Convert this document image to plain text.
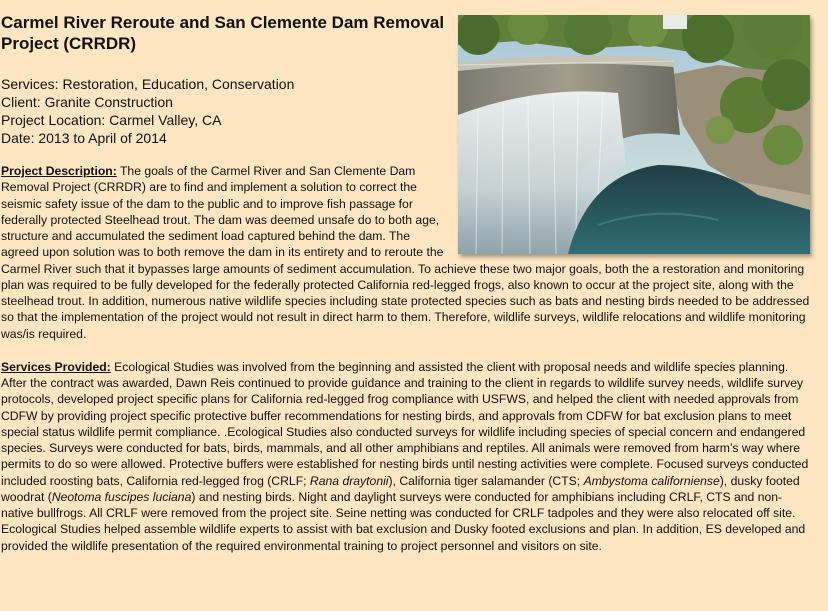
Carmel River Reroute and San Clemente Dam Removal Project (CRRDR)
Services: Restoration, Education, Conservation
Client: Granite Construction
Project Location: Carmel Valley, CA
Date: 2013 to April of 2014

Project Description: The goals of the Carmel River and San Clemente Dam Removal Project (CRRDR) are to find and implement a solution to correct the seismic safety issue of the dam to the public and to improve fish passage for federally protected Steelhead trout. The dam was deemed unsafe do to both age, structure and accumulated the sediment load captured behind the dam. The agreed upon solution was to both remove the dam in its entirety and to reroute the Carmel River such that it bypasses large amounts of sediment accumulation. To achieve these two major goals, both the a restoration and monitoring plan was required to be fully developed for the federally protected California red-legged frogs, also known to occur at the project site, along with the steelhead trout. In addition, numerous native wildlife species including state protected species such as bats and nesting birds needed to be addressed so that the implementation of the project would not result in direct harm to them. Therefore, wildlife surveys, wildlife relocations and wildlife monitoring was/is required.

Services Provided: Ecological Studies was involved from the beginning and assisted the client with proposal needs and wildlife species planning. After the contract was awarded, Dawn Reis continued to provide guidance and training to the client in regards to wildlife survey needs, wildlife survey protocols, developed project specific plans for California red-legged frog compliance with USFWS, and helped the client with needed approvals from CDFW by providing project specific protective buffer recommendations for nesting birds, and approvals from CDFW for bat exclusion plans to meet special status wildlife permit compliance. .Ecological Studies also conducted surveys for wildlife including species of special concern and endangered species. Surveys were conducted for bats, birds, mammals, and all other amphibians and reptiles. All animals were removed from harm’s way where permits to do so were allowed. Protective buffers were established for nesting birds until nesting activities were complete. Focused surveys conducted included roosting bats, California red-legged frog (CRLF; Rana draytonii), California tiger salamander (CTS; Ambystoma californiense), dusky footed woodrat (Neotoma fuscipes luciana) and nesting birds. Night and daylight surveys were conducted for amphibians including CRLF, CTS and non-native bullfrogs. All CRLF were removed from the project site. Seine netting was conducted for CRLF tadpoles and they were also relocated off site. Ecological Studies helped assemble wildlife experts to assist with bat exclusion and Dusky footed exclusions and plan. In addition, ES developed and provided the wildlife presentation of the required environmental training to project personnel and visitors on site.
